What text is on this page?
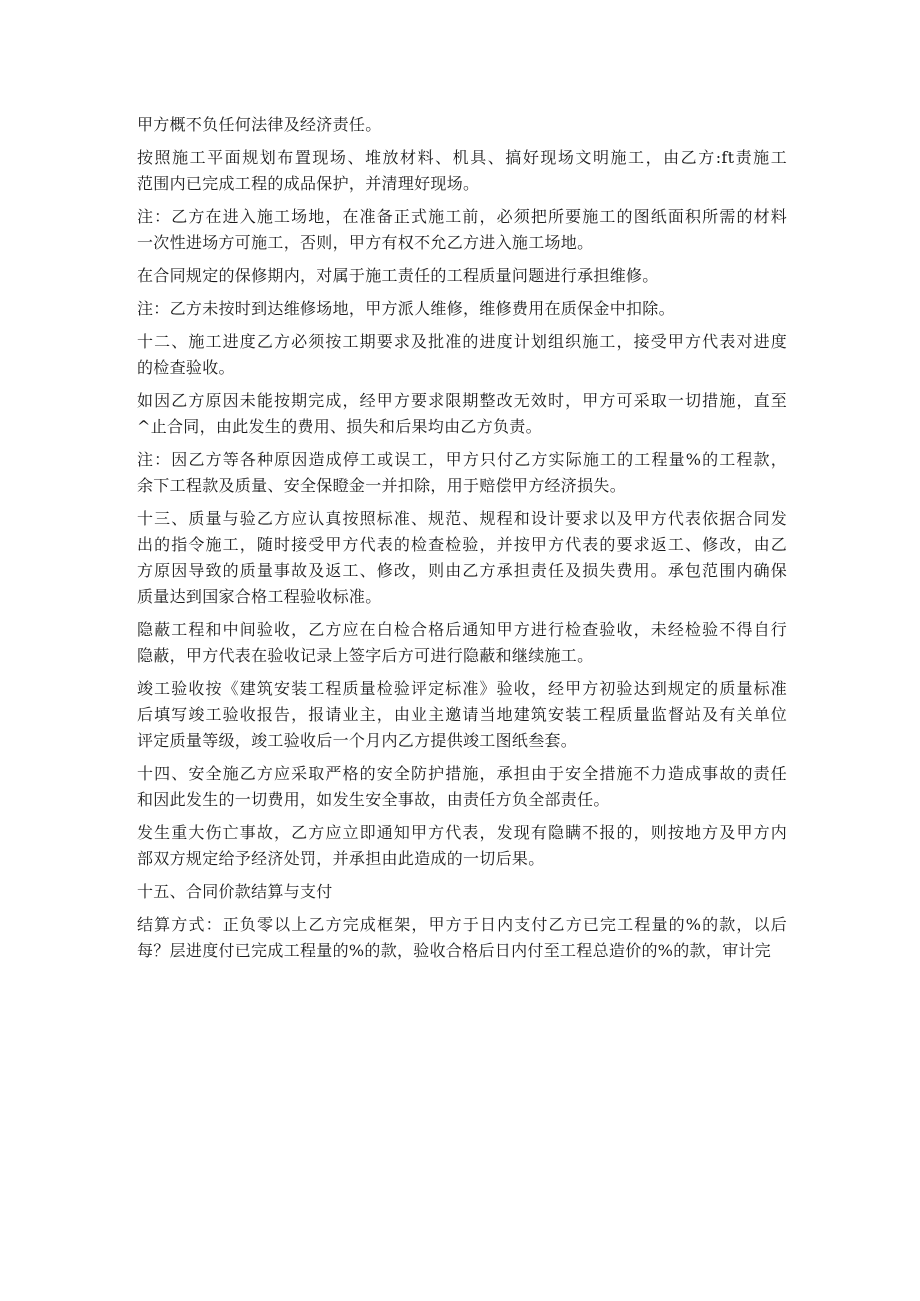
甲方概不负任何法律及经济责任。
按照施工平面规划布置现场、堆放材料、机具、搞好现场文明施工，由乙方:ft责施工
范围内已完成工程的成品保护，并清理好现场。
注：乙方在进入施工场地，在准备正式施工前，必须把所要施工的图纸面积所需的材料
一次性进场方可施工，否则，甲方有权不允乙方进入施工场地。
在合同规定的保修期内，对属于施工责任的工程质量问题进行承担维修。
注：乙方未按时到达维修场地，甲方派人维修，维修费用在质保金中扣除。
十二、施工进度乙方必须按工期要求及批准的进度计划组织施工，接受甲方代表对进度
的检查验收。
如因乙方原因未能按期完成，经甲方要求限期整改无效时，甲方可采取一切措施，直至
^止合同，由此发生的费用、损失和后果均由乙方负责。
注：因乙方等各种原因造成停工或误工，甲方只付乙方实际施工的工程量%的工程款，
余下工程款及质量、安全保瞪金一并扣除，用于赔偿甲方经济损失。
十三、质量与验乙方应认真按照标准、规范、规程和设计要求以及甲方代表依据合同发
出的指令施工，随时接受甲方代表的检查检验，并按甲方代表的要求返工、修改，由乙
方原因导致的质量事故及返工、修改，则由乙方承担责任及损失费用。承包范围内确保
质量达到国家合格工程验收标准。
隐蔽工程和中间验收，乙方应在白检合格后通知甲方进行检查验收，未经检验不得自行
隐蔽，甲方代表在验收记录上签字后方可进行隐蔽和继续施工。
竣工验收按《建筑安装工程质量检验评定标准》验收，经甲方初验达到规定的质量标准
后填写竣工验收报告，报请业主，由业主邀请当地建筑安装工程质量监督站及有关单位
评定质量等级，竣工验收后一个月内乙方提供竣工图纸叁套。
十四、安全施乙方应采取严格的安全防护措施，承担由于安全措施不力造成事故的责任
和因此发生的一切费用，如发生安全事故，由责任方负全部责任。
发生重大伤亡事故，乙方应立即通知甲方代表，发现有隐瞒不报的，则按地方及甲方内
部双方规定给予经济处罚，并承担由此造成的一切后果。
十五、合同价款结算与支付
结算方式：正负零以上乙方完成框架，甲方于日内支付乙方已完工程量的%的款，以后
每？层进度付已完成工程量的%的款，验收合格后日内付至工程总造价的%的款，审计完
